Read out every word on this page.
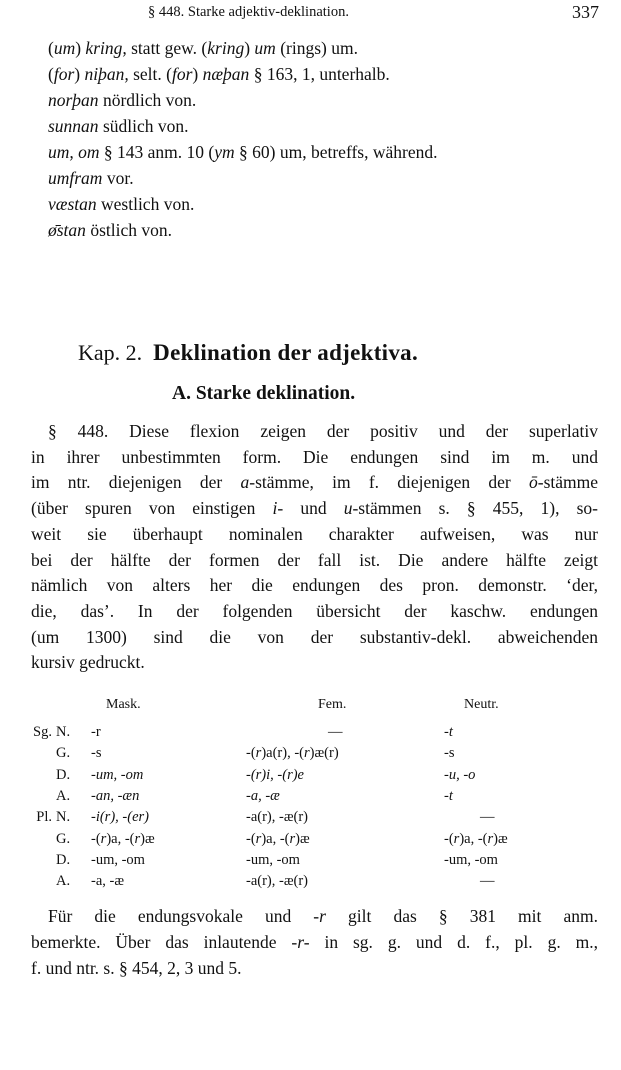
§ 448. Starke adjektiv-deklination.	337
(um) kring, statt gew. (kring) um (rings) um.
(for) niþan, selt. (for) næþan § 163, 1, unterhalb.
norþan nördlich von.
sunnan südlich von.
um, om § 143 anm. 10 (ym § 60) um, betreffs, während.
umfram vor.
væstan westlich von.
ø̄stan östlich von.
Kap. 2. Deklination der adjektiva.
A. Starke deklination.
§ 448. Diese flexion zeigen der positiv und der superlativ
in ihrer unbestimmten form. Die endungen sind im m. und
im ntr. diejenigen der a-stämme, im f. diejenigen der ō-stämme
(über spuren von einstigen i- und u-stämmen s. § 455, 1), so-
weit sie überhaupt nominalen charakter aufweisen, was nur
bei der hälfte der formen der fall ist. Die andere hälfte zeigt
nämlich von alters her die endungen des pron. demonstr. ‘der,
die, das’. In der folgenden übersicht der kaschw. endungen
(um 1300) sind die von der substantiv-dekl. abweichenden
kursiv gedruckt.
Mask.	Fem.	Neutr.
Sg. N. -r	—	-t
G. -s	-(r)a(r), -(r)æ(r)	-s
D. -um, -om	-(r)i, -(r)e	-u, -o
A. -an, -æn	-a, -æ	-t
Pl. N. -i(r), -(er)	-a(r), -æ(r)	—
G. -(r)a, -(r)æ	-(r)a, -(r)æ	-(r)a, -(r)æ
D. -um, -om	-um, -om	-um, -om
A. -a, -æ	-a(r), -æ(r)	—
Für die endungsvokale und -r gilt das § 381 mit anm.
bemerkte. Über das inlautende -r- in sg. g. und d. f., pl. g. m.,
f. und ntr. s. § 454, 2, 3 und 5.
